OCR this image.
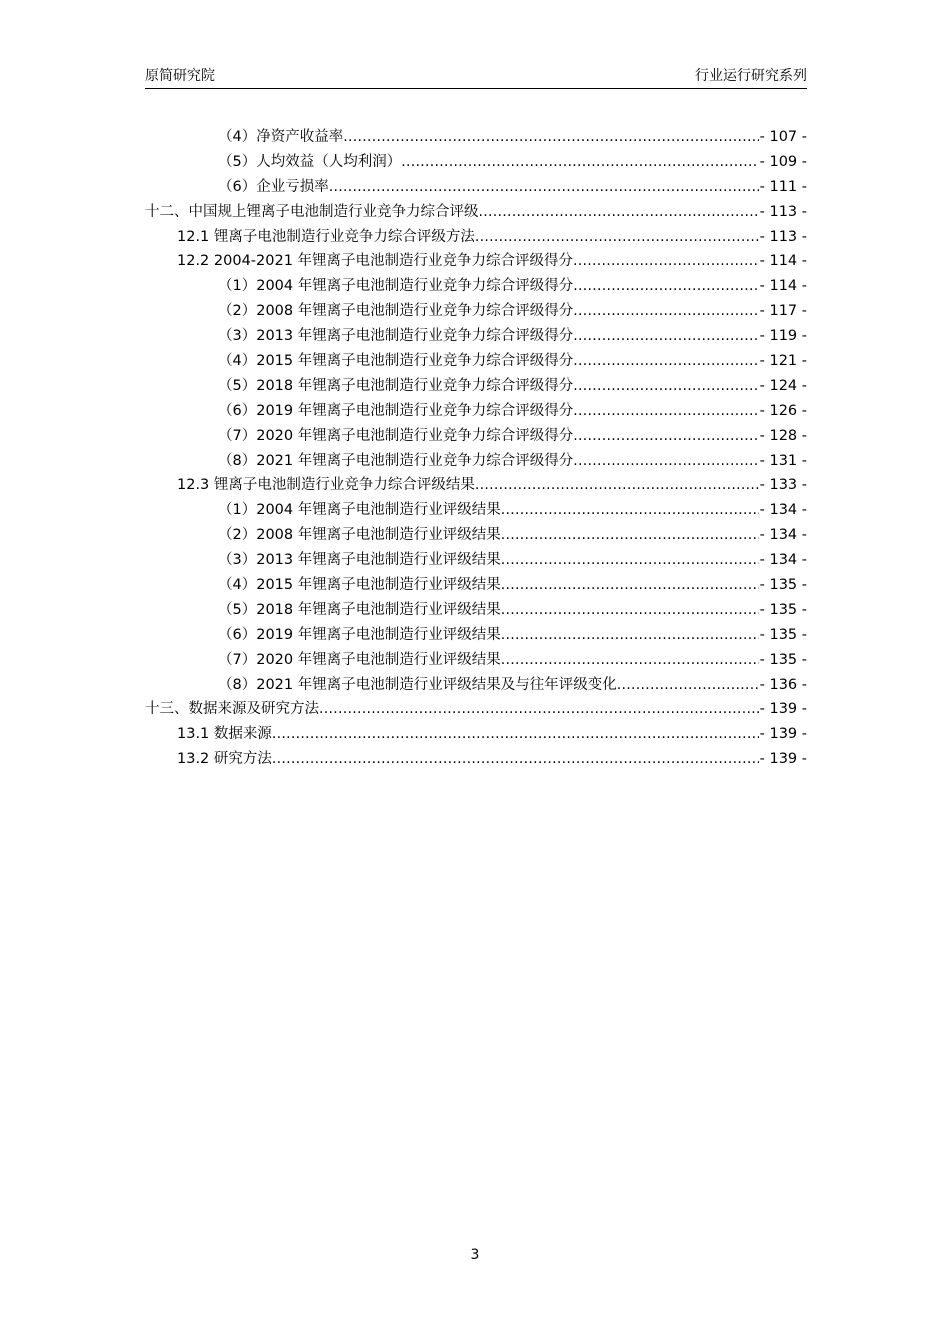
原简研究院	行业运行研究系列
（4）净资产收益率 .....	- 107 -
（5）人均效益（人均利润） .....	- 109 -
（6）企业亏损率 .....	- 111 -
十二、中国规上锂离子电池制造行业竞争力综合评级 .....	- 113 -
12.1 锂离子电池制造行业竞争力综合评级方法 .....	- 113 -
12.2 2004-2021 年锂离子电池制造行业竞争力综合评级得分 .....	- 114 -
（1）2004 年锂离子电池制造行业竞争力综合评级得分 .....	- 114 -
（2）2008 年锂离子电池制造行业竞争力综合评级得分 .....	- 117 -
（3）2013 年锂离子电池制造行业竞争力综合评级得分 .....	- 119 -
（4）2015 年锂离子电池制造行业竞争力综合评级得分 .....	- 121 -
（5）2018 年锂离子电池制造行业竞争力综合评级得分 .....	- 124 -
（6）2019 年锂离子电池制造行业竞争力综合评级得分 .....	- 126 -
（7）2020 年锂离子电池制造行业竞争力综合评级得分 .....	- 128 -
（8）2021 年锂离子电池制造行业竞争力综合评级得分 .....	- 131 -
12.3 锂离子电池制造行业竞争力综合评级结果 .....	- 133 -
（1）2004 年锂离子电池制造行业评级结果 .....	- 134 -
（2）2008 年锂离子电池制造行业评级结果 .....	- 134 -
（3）2013 年锂离子电池制造行业评级结果 .....	- 134 -
（4）2015 年锂离子电池制造行业评级结果 .....	- 135 -
（5）2018 年锂离子电池制造行业评级结果 .....	- 135 -
（6）2019 年锂离子电池制造行业评级结果 .....	- 135 -
（7）2020 年锂离子电池制造行业评级结果 .....	- 135 -
（8）2021 年锂离子电池制造行业评级结果及与往年评级变化 .....	- 136 -
十三、数据来源及研究方法 .....	- 139 -
13.1 数据来源 .....	- 139 -
13.2 研究方法 .....	- 139 -
3
